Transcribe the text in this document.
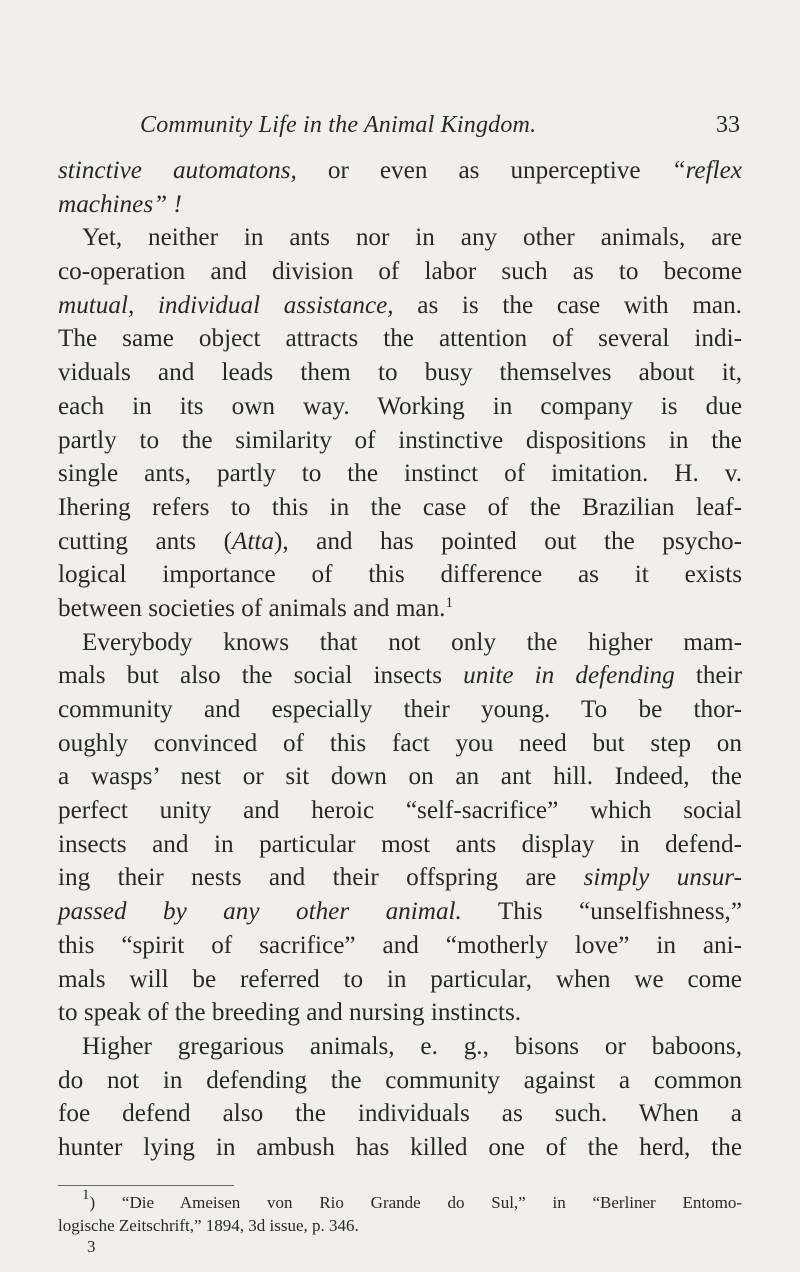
Community Life in the Animal Kingdom.	33
stinctive automatons, or even as unperceptive “reflex
machines” !
Yet, neither in ants nor in any other animals, are
co-operation and division of labor such as to become
mutual, individual assistance, as is the case with man.
The same object attracts the attention of several indi-
viduals and leads them to busy themselves about it,
each in its own way. Working in company is due
partly to the similarity of instinctive dispositions in the
single ants, partly to the instinct of imitation. H. v.
Ihering refers to this in the case of the Brazilian leaf-
cutting ants (Atta), and has pointed out the psycho-
logical importance of this difference as it exists
between societies of animals and man.$^1$
Everybody knows that not only the higher mam-
mals but also the social insects unite in defending their
community and especially their young. To be thor-
oughly convinced of this fact you need but step on
a wasps’ nest or sit down on an ant hill. Indeed, the
perfect unity and heroic “self-sacrifice” which social
insects and in particular most ants display in defend-
ing their nests and their offspring are simply unsur-
passed by any other animal. This “unselfishness,”
this “spirit of sacrifice” and “motherly love” in ani-
mals will be referred to in particular, when we come
to speak of the breeding and nursing instincts.
Higher gregarious animals, e. g., bisons or baboons,
do not in defending the community against a common
foe defend also the individuals as such. When a
hunter lying in ambush has killed one of the herd, the
$^1$) “Die Ameisen von Rio Grande do Sul,” in “Berliner Entomo-
logische Zeitschrift,” 1894, 3d issue, p. 346.
3
